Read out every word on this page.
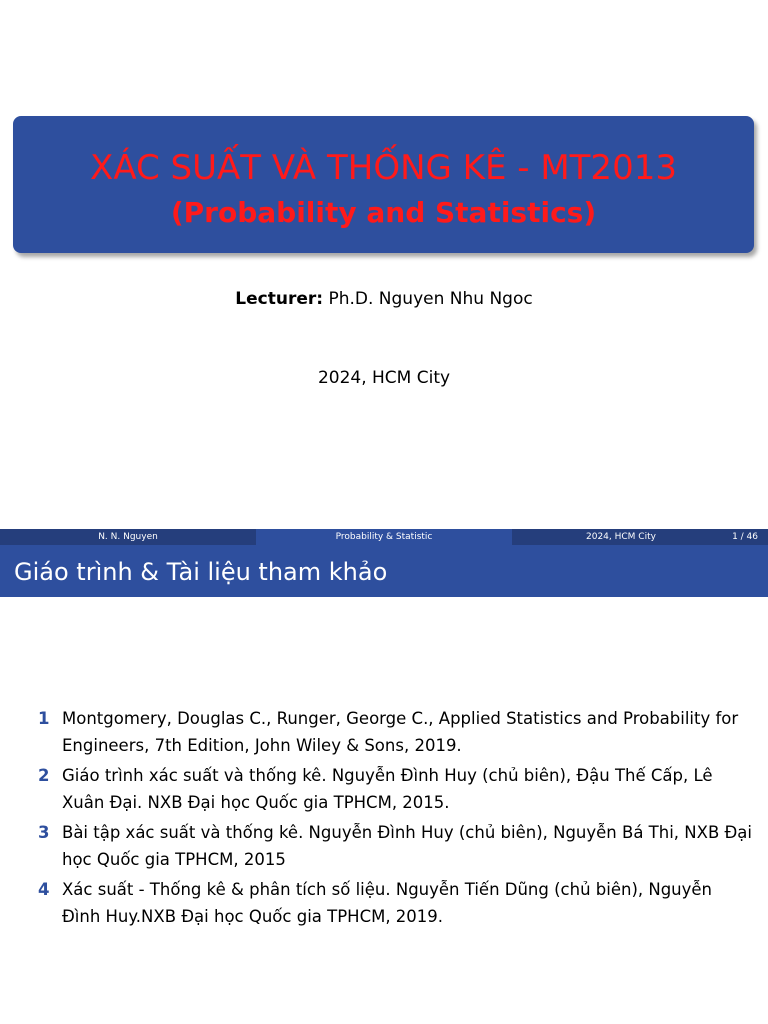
XÁC SUẤT VÀ THỐNG KÊ - MT2013
(Probability and Statistics)
Lecturer: Ph.D. Nguyen Nhu Ngoc
2024, HCM City
N. N. Nguyen	Probability & Statistic	2024, HCM City	1 / 46
Giáo trình & Tài liệu tham khảo
1 Montgomery, Douglas C., Runger, George C., Applied Statistics and Probability for Engineers, 7th Edition, John Wiley & Sons, 2019.
2 Giáo trình xác suất và thống kê. Nguyễn Đình Huy (chủ biên), Đậu Thế Cấp, Lê Xuân Đại. NXB Đại học Quốc gia TPHCM, 2015.
3 Bài tập xác suất và thống kê. Nguyễn Đình Huy (chủ biên), Nguyễn Bá Thi, NXB Đại học Quốc gia TPHCM, 2015
4 Xác suất - Thống kê & phân tích số liệu. Nguyễn Tiến Dũng (chủ biên), Nguyễn Đình Huy.NXB Đại học Quốc gia TPHCM, 2019.
